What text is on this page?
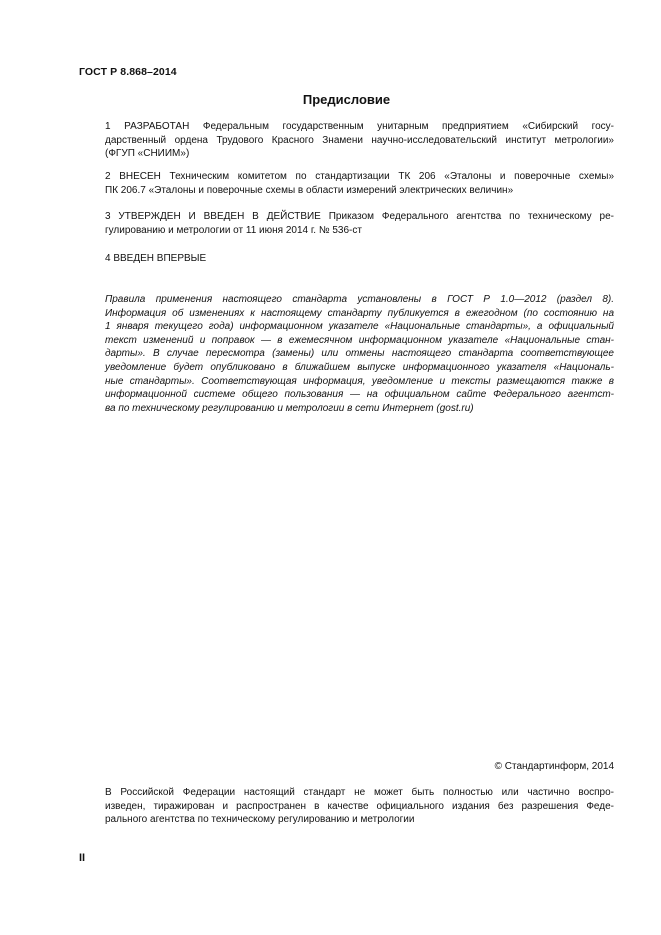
ГОСТ Р 8.868–2014
Предисловие

1 РАЗРАБОТАН Федеральным государственным унитарным предприятием «Сибирский госу-
дарственный ордена Трудового Красного Знамени научно-исследовательский институт метрологии»
(ФГУП «СНИИМ»)

2 ВНЕСЕН Техническим комитетом по стандартизации ТК 206 «Эталоны и поверочные схемы»
ПК 206.7 «Эталоны и поверочные схемы в области измерений электрических величин»

3 УТВЕРЖДЕН И ВВЕДЕН В ДЕЙСТВИЕ Приказом Федерального агентства по техническому ре-
гулированию и метрологии от 11 июня 2014 г. № 536-ст

4 ВВЕДЕН ВПЕРВЫЕ

Правила применения настоящего стандарта установлены в ГОСТ Р 1.0—2012 (раздел 8).
Информация об изменениях к настоящему стандарту публикуется в ежегодном (по состоянию на
1 января текущего года) информационном указателе «Национальные стандарты», а официальный
текст изменений и поправок — в ежемесячном информационном указателе «Национальные стан-
дарты». В случае пересмотра (замены) или отмены настоящего стандарта соответствующее
уведомление будет опубликовано в ближайшем выпуске информационного указателя «Националь-
ные стандарты». Соответствующая информация, уведомление и тексты размещаются также в
информационной системе общего пользования — на официальном сайте Федерального агентст-
ва по техническому регулированию и метрологии в сети Интернет (gost.ru)

© Стандартинформ, 2014

В Российской Федерации настоящий стандарт не может быть полностью или частично воспро-
изведен, тиражирован и распространен в качестве официального издания без разрешения Феде-
рального агентства по техническому регулированию и метрологии

II
